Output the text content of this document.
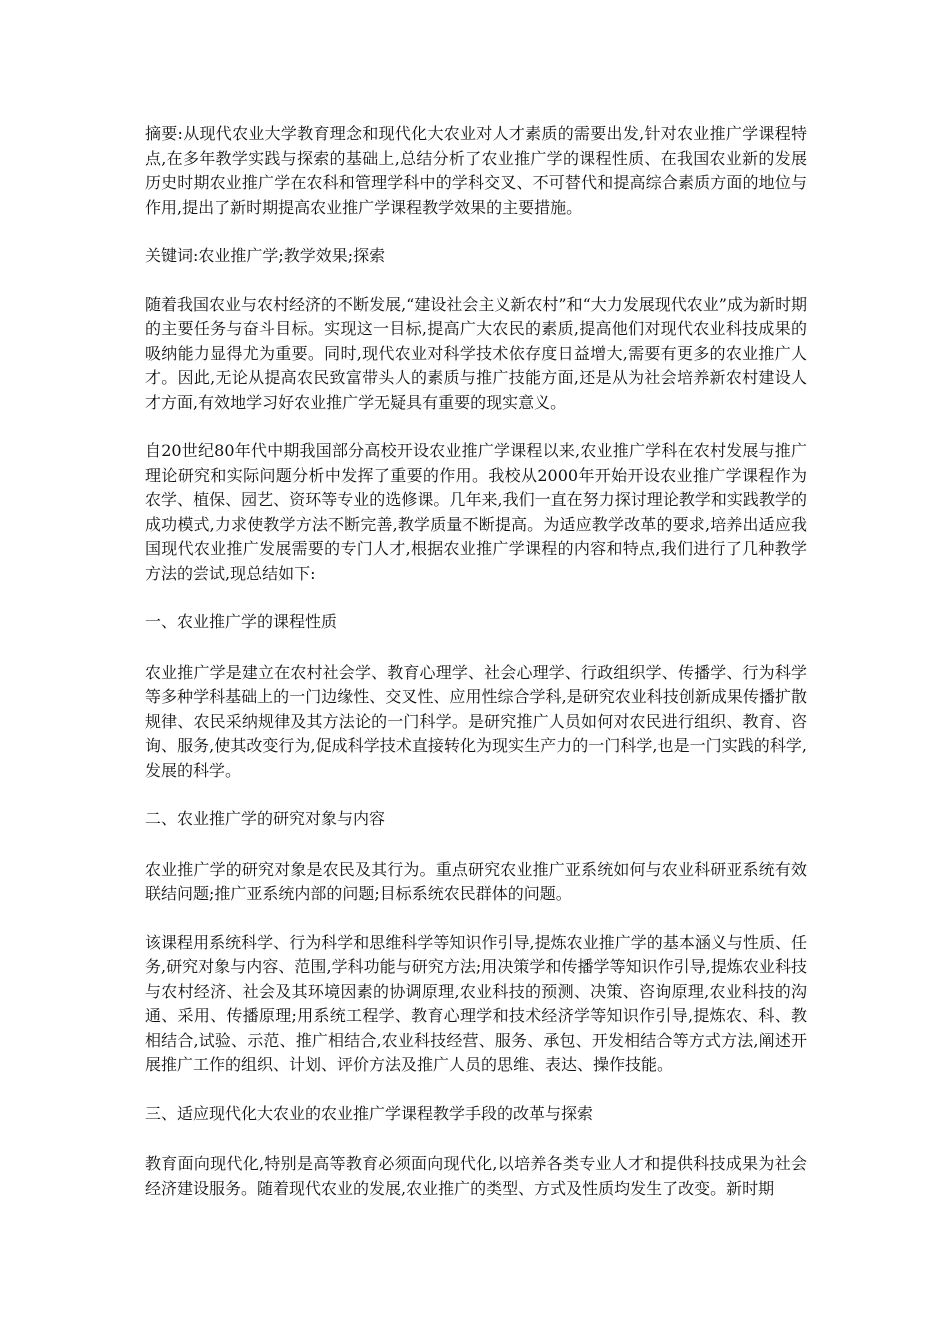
摘要:从现代农业大学教育理念和现代化大农业对人才素质的需要出发,针对农业推广学课程特点,在多年教学实践与探索的基础上,总结分析了农业推广学的课程性质、在我国农业新的发展历史时期农业推广学在农科和管理学科中的学科交叉、不可替代和提高综合素质方面的地位与作用,提出了新时期提高农业推广学课程教学效果的主要措施。

关键词:农业推广学;教学效果;探索

随着我国农业与农村经济的不断发展,“建设社会主义新农村”和“大力发展现代农业”成为新时期的主要任务与奋斗目标。实现这一目标,提高广大农民的素质,提高他们对现代农业科技成果的吸纳能力显得尤为重要。同时,现代农业对科学技术依存度日益增大,需要有更多的农业推广人才。因此,无论从提高农民致富带头人的素质与推广技能方面,还是从为社会培养新农村建设人才方面,有效地学习好农业推广学无疑具有重要的现实意义。

自20世纪80年代中期我国部分高校开设农业推广学课程以来,农业推广学科在农村发展与推广理论研究和实际问题分析中发挥了重要的作用。我校从2000年开始开设农业推广学课程作为农学、植保、园艺、资环等专业的选修课。几年来,我们一直在努力探讨理论教学和实践教学的成功模式,力求使教学方法不断完善,教学质量不断提高。为适应教学改革的要求,培养出适应我国现代农业推广发展需要的专门人才,根据农业推广学课程的内容和特点,我们进行了几种教学方法的尝试,现总结如下:

一、农业推广学的课程性质

农业推广学是建立在农村社会学、教育心理学、社会心理学、行政组织学、传播学、行为科学等多种学科基础上的一门边缘性、交叉性、应用性综合学科,是研究农业科技创新成果传播扩散规律、农民采纳规律及其方法论的一门科学。是研究推广人员如何对农民进行组织、教育、咨询、服务,使其改变行为,促成科学技术直接转化为现实生产力的一门科学,也是一门实践的科学,发展的科学。

二、农业推广学的研究对象与内容

农业推广学的研究对象是农民及其行为。重点研究农业推广亚系统如何与农业科研亚系统有效联结问题;推广亚系统内部的问题;目标系统农民群体的问题。

该课程用系统科学、行为科学和思维科学等知识作引导,提炼农业推广学的基本涵义与性质、任务,研究对象与内容、范围,学科功能与研究方法;用决策学和传播学等知识作引导,提炼农业科技与农村经济、社会及其环境因素的协调原理,农业科技的预测、决策、咨询原理,农业科技的沟通、采用、传播原理;用系统工程学、教育心理学和技术经济学等知识作引导,提炼农、科、教相结合,试验、示范、推广相结合,农业科技经营、服务、承包、开发相结合等方式方法,阐述开展推广工作的组织、计划、评价方法及推广人员的思维、表达、操作技能。

三、适应现代化大农业的农业推广学课程教学手段的改革与探索

教育面向现代化,特别是高等教育必须面向现代化,以培养各类专业人才和提供科技成果为社会经济建设服务。随着现代农业的发展,农业推广的类型、方式及性质均发生了改变。新时期
